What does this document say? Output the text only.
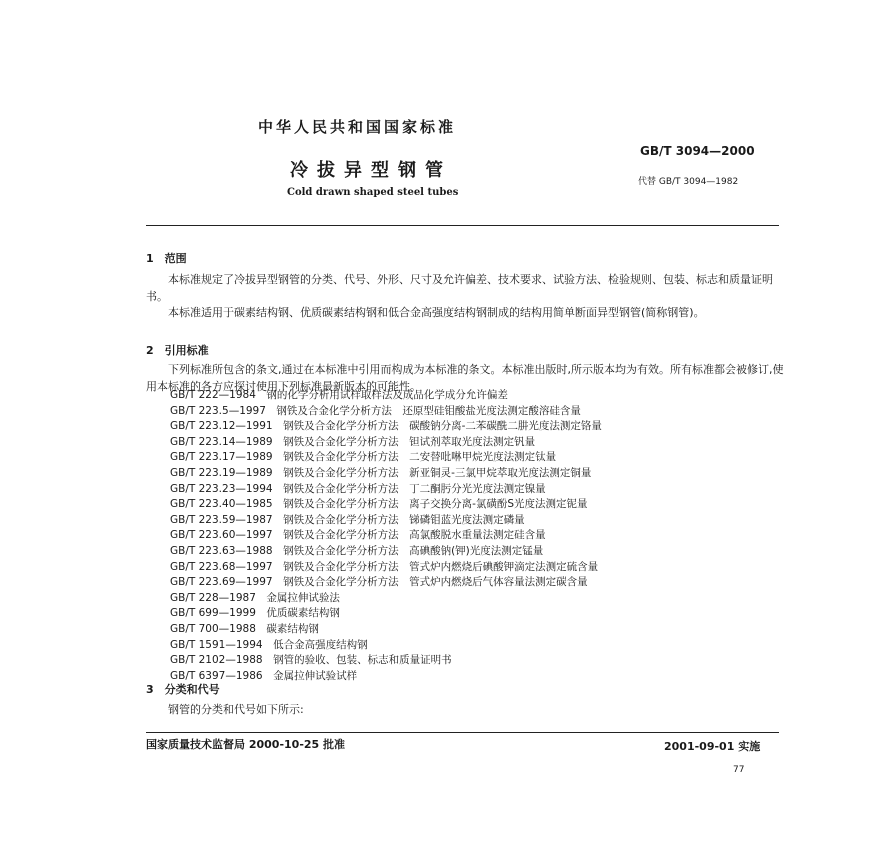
中华人民共和国国家标准
冷拔异型钢管
Cold drawn shaped steel tubes
GB/T 3094—2000
代替 GB/T 3094—1982
1　范围
本标准规定了冷拔异型钢管的分类、代号、外形、尺寸及允许偏差、技术要求、试验方法、检验规则、包装、标志和质量证明书。
本标准适用于碳素结构钢、优质碳素结构钢和低合金高强度结构钢制成的结构用简单断面异型钢管(简称钢管)。
2　引用标准
下列标准所包含的条文,通过在本标准中引用而构成为本标准的条文。本标准出版时,所示版本均为有效。所有标准都会被修订,使用本标准的各方应探讨使用下列标准最新版本的可能性。
GB/T 222—1984　钢的化学分析用试样取样法及成品化学成分允许偏差
GB/T 223.5—1997　钢铁及合金化学分析方法　还原型硅钼酸盐光度法测定酸溶硅含量
GB/T 223.12—1991　钢铁及合金化学分析方法　碳酸钠分离-二苯碳酰二肼光度法测定铬量
GB/T 223.14—1989　钢铁及合金化学分析方法　钽试剂萃取光度法测定钒量
GB/T 223.17—1989　钢铁及合金化学分析方法　二安替吡啉甲烷光度法测定钛量
GB/T 223.19—1989　钢铁及合金化学分析方法　新亚铜灵-三氯甲烷萃取光度法测定铜量
GB/T 223.23—1994　钢铁及合金化学分析方法　丁二酮肟分光光度法测定镍量
GB/T 223.40—1985　钢铁及合金化学分析方法　离子交换分离-氯磺酚S光度法测定铌量
GB/T 223.59—1987　钢铁及合金化学分析方法　锑磷钼蓝光度法测定磷量
GB/T 223.60—1997　钢铁及合金化学分析方法　高氯酸脱水重量法测定硅含量
GB/T 223.63—1988　钢铁及合金化学分析方法　高碘酸钠(钾)光度法测定锰量
GB/T 223.68—1997　钢铁及合金化学分析方法　管式炉内燃烧后碘酸钾滴定法测定硫含量
GB/T 223.69—1997　钢铁及合金化学分析方法　管式炉内燃烧后气体容量法测定碳含量
GB/T 228—1987　金属拉伸试验法
GB/T 699—1999　优质碳素结构钢
GB/T 700—1988　碳素结构钢
GB/T 1591—1994　低合金高强度结构钢
GB/T 2102—1988　钢管的验收、包装、标志和质量证明书
GB/T 6397—1986　金属拉伸试验试样
3　分类和代号
钢管的分类和代号如下所示:
国家质量技术监督局 2000-10-25 批准	2001-09-01 实施
77
